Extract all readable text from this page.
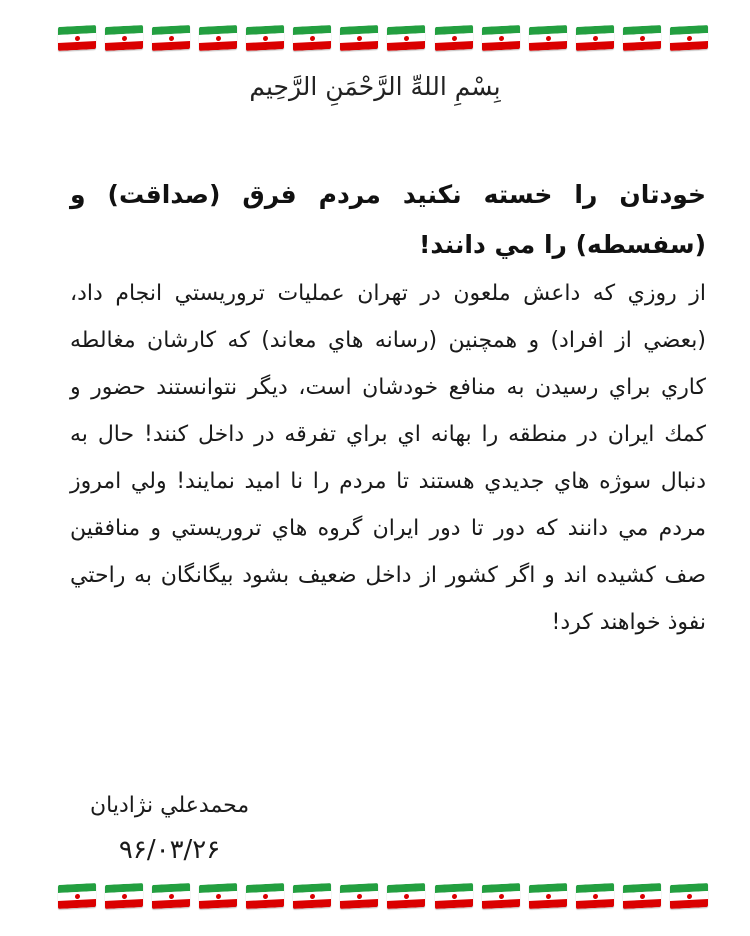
بِسْمِ اللهِّ الرَّحْمَنِ الرَّحِيم

خودتان را خسته نكنيد مردم فرق (صداقت) و (سفسطه) را مي دانند!

از روزي كه داعش ملعون در تهران عمليات تروريستي انجام داد، (بعضي از افراد) و همچنين (رسانه هاي معاند) كه كارشان مغالطه كاري براي رسيدن به منافع خودشان است، ديگر نتوانستند حضور و كمك ايران در منطقه را بهانه اي براي تفرقه در داخل كنند! حال به دنبال سوژه هاي جديدي هستند تا مردم را نا اميد نمايند! ولي امروز مردم مي دانند كه دور تا دور ايران گروه هاي تروريستي و منافقين صف كشيده اند و اگر كشور از داخل ضعيف بشود بيگانگان به راحتي نفوذ خواهند كرد!

محمدعلي نژاديان
۹۶/۰۳/۲۶
